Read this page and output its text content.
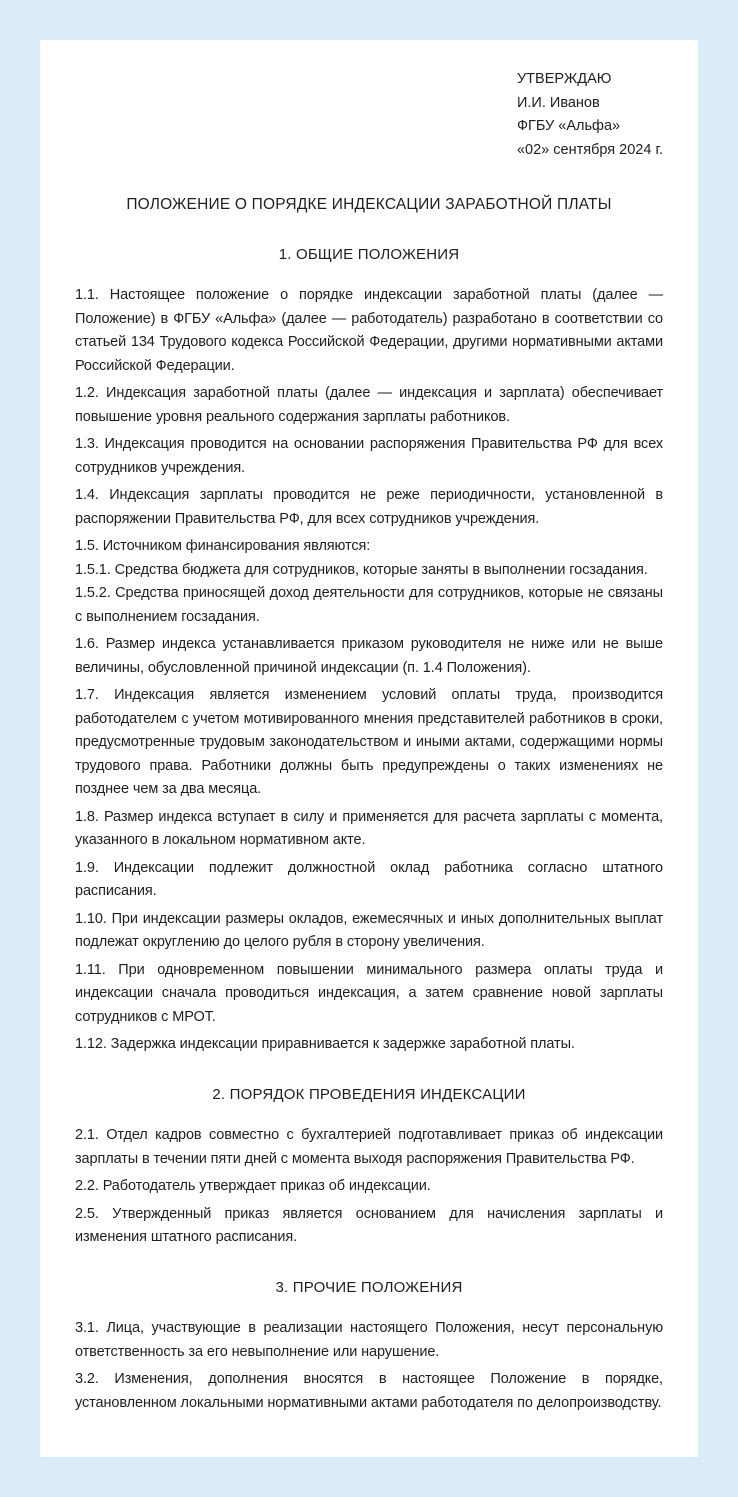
УТВЕРЖДАЮ
И.И. Иванов
ФГБУ «Альфа»
«02» сентября 2024 г.
ПОЛОЖЕНИЕ О ПОРЯДКЕ ИНДЕКСАЦИИ ЗАРАБОТНОЙ ПЛАТЫ
1. ОБЩИЕ ПОЛОЖЕНИЯ

1.1. Настоящее положение о порядке индексации заработной платы (далее — Положение) в ФГБУ «Альфа» (далее — работодатель) разработано в соответствии со статьей 134 Трудового кодекса Российской Федерации, другими нормативными актами Российской Федерации.

1.2. Индексация заработной платы (далее — индексация и зарплата) обеспечивает повышение уровня реального содержания зарплаты работников.

1.3. Индексация проводится на основании распоряжения Правительства РФ для всех сотрудников учреждения.

1.4. Индексация зарплаты проводится не реже периодичности, установленной в распоряжении Правительства РФ, для всех сотрудников учреждения.

1.5. Источником финансирования являются:

1.5.1. Средства бюджета для сотрудников, которые заняты в выполнении госзадания.

1.5.2. Средства приносящей доход деятельности для сотрудников, которые не связаны с выполнением госзадания.

1.6. Размер индекса устанавливается приказом руководителя не ниже или не выше величины, обусловленной причиной индексации (п. 1.4 Положения).

1.7. Индексация является изменением условий оплаты труда, производится работодателем с учетом мотивированного мнения представителей работников в сроки, предусмотренные трудовым законодательством и иными актами, содержащими нормы трудового права. Работники должны быть предупреждены о таких изменениях не позднее чем за два месяца.

1.8. Размер индекса вступает в силу и применяется для расчета зарплаты с момента, указанного в локальном нормативном акте.

1.9. Индексации подлежит должностной оклад работника согласно штатного расписания.

1.10. При индексации размеры окладов, ежемесячных и иных дополнительных выплат подлежат округлению до целого рубля в сторону увеличения.

1.11. При одновременном повышении минимального размера оплаты труда и индексации сначала проводиться индексация, а затем сравнение новой зарплаты сотрудников с МРОТ.

1.12. Задержка индексации приравнивается к задержке заработной платы.

2. ПОРЯДОК ПРОВЕДЕНИЯ ИНДЕКСАЦИИ

2.1. Отдел кадров совместно с бухгалтерией подготавливает приказ об индексации зарплаты в течении пяти дней с момента выходя распоряжения Правительства РФ.

2.2. Работодатель утверждает приказ об индексации.

2.5. Утвержденный приказ является основанием для начисления зарплаты и изменения штатного расписания.

3. ПРОЧИЕ ПОЛОЖЕНИЯ

3.1. Лица, участвующие в реализации настоящего Положения, несут персональную ответственность за его невыполнение или нарушение.

3.2. Изменения, дополнения вносятся в настоящее Положение в порядке, установленном локальными нормативными актами работодателя по делопроизводству.
